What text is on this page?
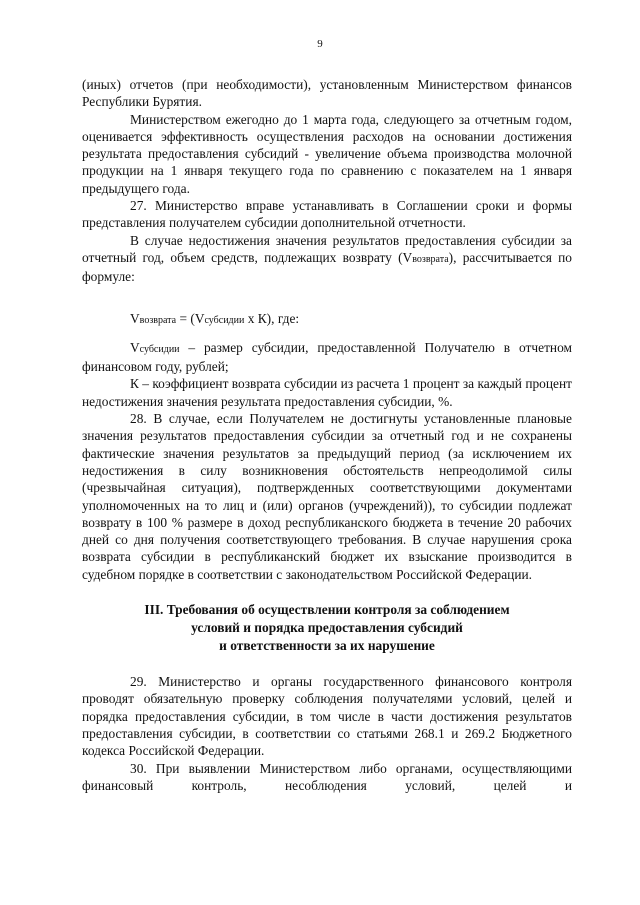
9

(иных) отчетов (при необходимости), установленным Министерством финансов Республики Бурятия.

Министерством ежегодно до 1 марта года, следующего за отчетным годом, оценивается эффективность осуществления расходов на основании достижения результата предоставления субсидий - увеличение объема производства молочной продукции на 1 января текущего года по сравнению с показателем на 1 января предыдущего года.

27. Министерство вправе устанавливать в Соглашении сроки и формы представления получателем субсидии дополнительной отчетности.

В случае недостижения значения результатов предоставления субсидии за отчетный год, объем средств, подлежащих возврату (Vвозврата), рассчитывается по формуле:

Vвозврата = (Vсубсидии x К), где:

Vсубсидии – размер субсидии, предоставленной Получателю в отчетном финансовом году, рублей;

К – коэффициент возврата субсидии из расчета 1 процент за каждый процент недостижения значения результата предоставления субсидии, %.

28. В случае, если Получателем не достигнуты установленные плановые значения результатов предоставления субсидии за отчетный год и не сохранены фактические значения результатов за предыдущий период (за исключением их недостижения в силу возникновения обстоятельств непреодолимой силы (чрезвычайная ситуация), подтвержденных соответствующими документами уполномоченных на то лиц и (или) органов (учреждений)), то субсидии подлежат возврату в 100 % размере в доход республиканского бюджета в течение 20 рабочих дней со дня получения соответствующего требования. В случае нарушения срока возврата субсидии в республиканский бюджет их взыскание производится в судебном порядке в соответствии с законодательством Российской Федерации.

III. Требования об осуществлении контроля за соблюдением
условий и порядка предоставления субсидий
и ответственности за их нарушение

29. Министерство и органы государственного финансового контроля проводят обязательную проверку соблюдения получателями условий, целей и порядка предоставления субсидии, в том числе в части достижения результатов предоставления субсидии, в соответствии со статьями 268.1 и 269.2 Бюджетного кодекса Российской Федерации.

30. При выявлении Министерством либо органами, осуществляющими финансовый контроль, несоблюдения условий, целей и
